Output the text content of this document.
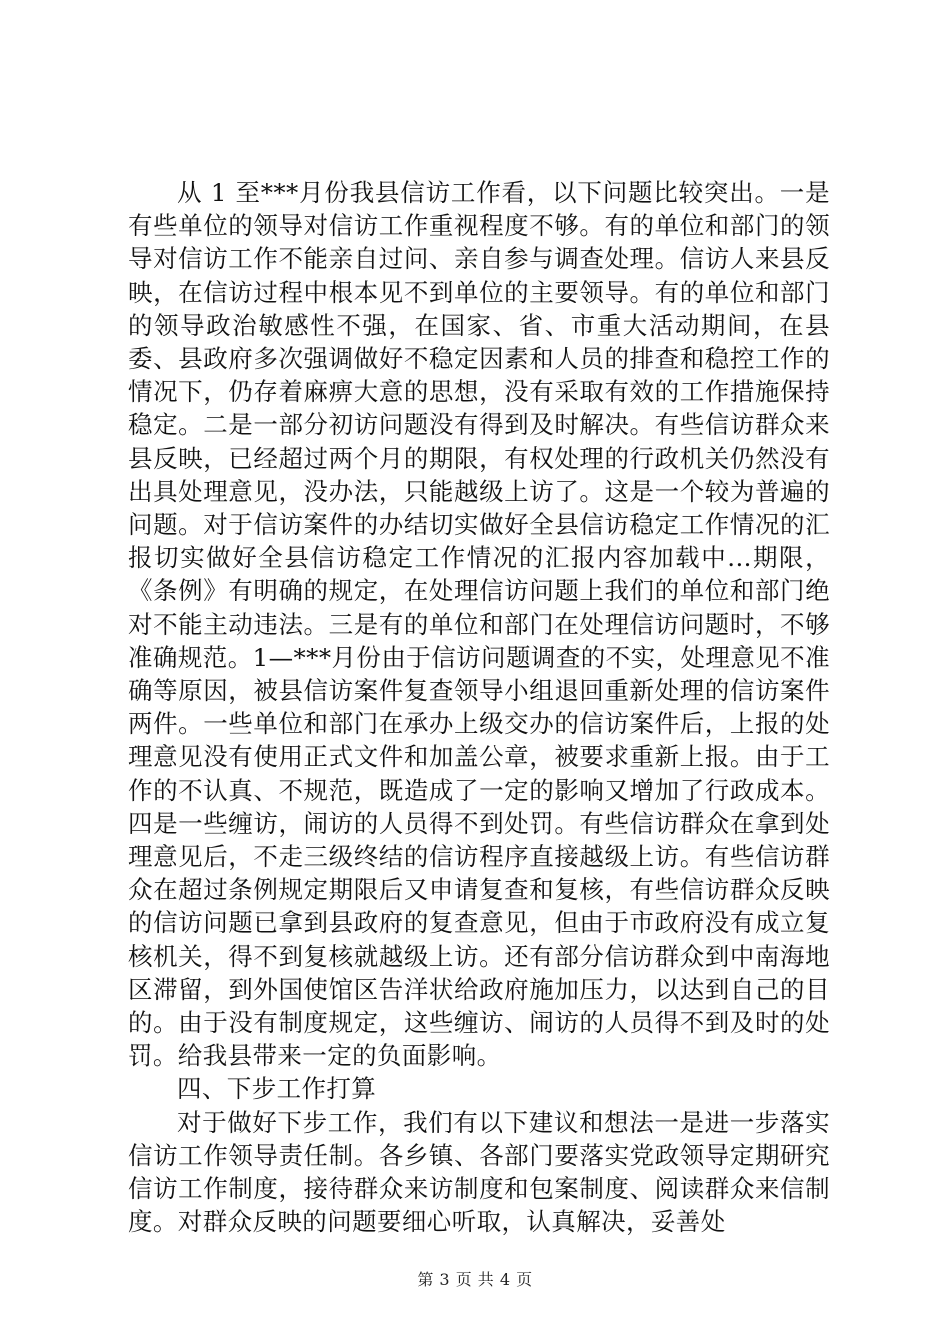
从 1 至***月份我县信访工作看，以下问题比较突出。一是有些单位的领导对信访工作重视程度不够。有的单位和部门的领导对信访工作不能亲自过问、亲自参与调查处理。信访人来县反映，在信访过程中根本见不到单位的主要领导。有的单位和部门的领导政治敏感性不强，在国家、省、市重大活动期间，在县委、县政府多次强调做好不稳定因素和人员的排查和稳控工作的情况下，仍存着麻痹大意的思想，没有采取有效的工作措施保持稳定。二是一部分初访问题没有得到及时解决。有些信访群众来县反映，已经超过两个月的期限，有权处理的行政机关仍然没有出具处理意见，没办法，只能越级上访了。这是一个较为普遍的问题。对于信访案件的办结切实做好全县信访稳定工作情况的汇报切实做好全县信访稳定工作情况的汇报内容加载中...期限，《条例》有明确的规定，在处理信访问题上我们的单位和部门绝对不能主动违法。三是有的单位和部门在处理信访问题时，不够准确规范。1—***月份由于信访问题调查的不实，处理意见不准确等原因，被县信访案件复查领导小组退回重新处理的信访案件两件。一些单位和部门在承办上级交办的信访案件后，上报的处理意见没有使用正式文件和加盖公章，被要求重新上报。由于工作的不认真、不规范，既造成了一定的影响又增加了行政成本。四是一些缠访，闹访的人员得不到处罚。有些信访群众在拿到处理意见后，不走三级终结的信访程序直接越级上访。有些信访群众在超过条例规定期限后又申请复查和复核，有些信访群众反映的信访问题已拿到县政府的复查意见，但由于市政府没有成立复核机关，得不到复核就越级上访。还有部分信访群众到中南海地区滞留，到外国使馆区告洋状给政府施加压力，以达到自己的目的。由于没有制度规定，这些缠访、闹访的人员得不到及时的处罚。给我县带来一定的负面影响。

四、下步工作打算

对于做好下步工作，我们有以下建议和想法一是进一步落实信访工作领导责任制。各乡镇、各部门要落实党政领导定期研究信访工作制度，接待群众来访制度和包案制度、阅读群众来信制度。对群众反映的问题要细心听取，认真解决，妥善处

第 3 页 共 4 页
